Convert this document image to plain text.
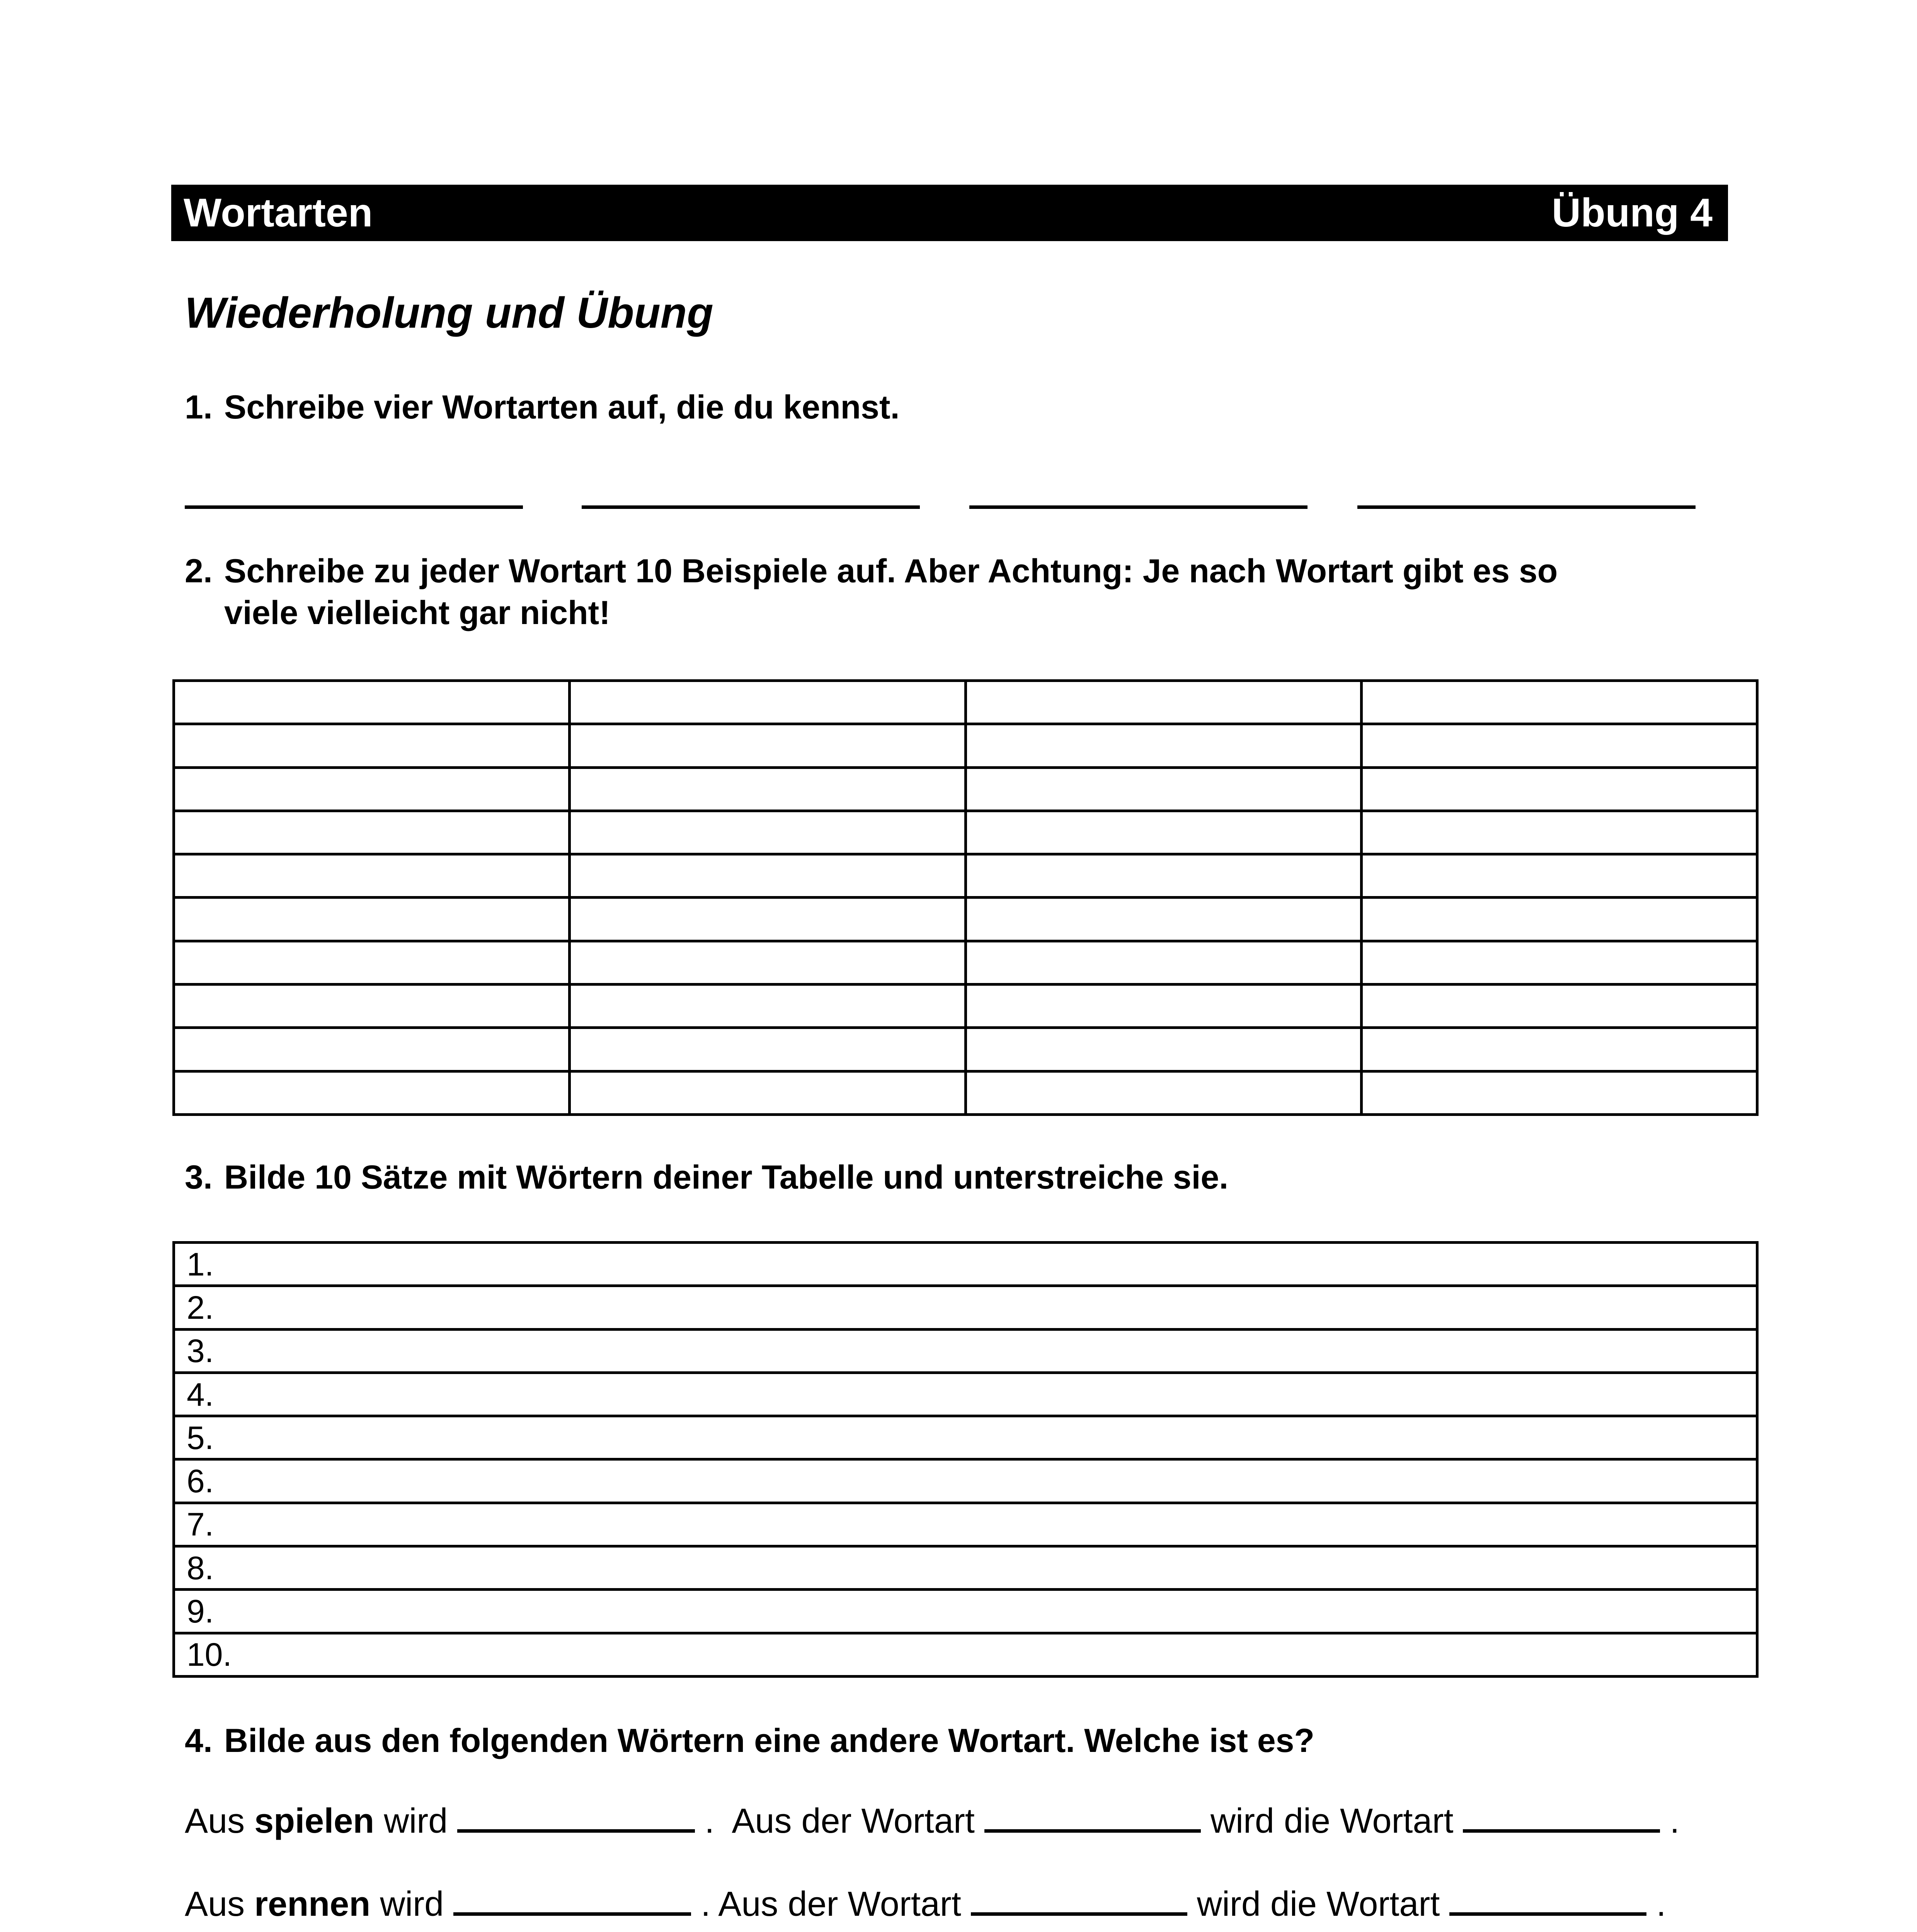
Wortarten	Übung 4
Wiederholung und Übung
1. Schreibe vier Wortarten auf, die du kennst.
2. Schreibe zu jeder Wortart 10 Beispiele auf. Aber Achtung: Je nach Wortart gibt es so
viele vielleicht gar nicht!

3. Bilde 10 Sätze mit Wörtern deiner Tabelle und unterstreiche sie.
1.
2.
3.
4.
5.
6.
7.
8.
9.
10.
4. Bilde aus den folgenden Wörtern eine andere Wortart. Welche ist es?
Aus spielen wird	. Aus der Wortart	wird die Wortart	.
Aus rennen wird	. Aus der Wortart	wird die Wortart	.
